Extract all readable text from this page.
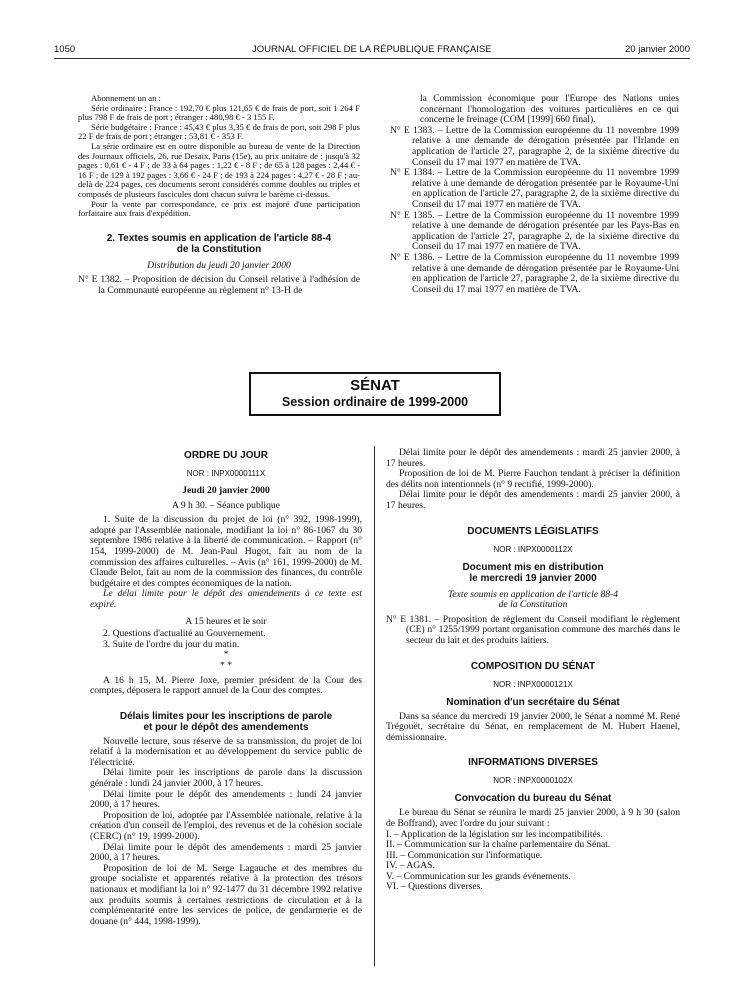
1050	JOURNAL OFFICIEL DE LA RÉPUBLIQUE FRANÇAISE	20 janvier 2000

Abonnement un an :

Série ordinaire : France : 192,70 € plus 121,65 € de frais de port, soit 1 264 F plus 798 F de frais de port ; étranger : 480,98 € - 3 155 F.

Série budgétaire : France : 45,43 € plus 3,35 € de frais de port, soit 298 F plus 22 F de frais de port ; étranger : 53,81 € - 353 F.

La série ordinaire est en outre disponible au bureau de vente de la Direction des Journaux officiels, 26, rue Desaix, Paris (15e), au prix unitaire de : jusqu'à 32 pages : 0,61 € - 4 F ; de 33 à 64 pages : 1,22 € - 8 F ; de 65 à 128 pages : 2,44 € - 16 F ; de 129 à 192 pages : 3,66 € - 24 F ; de 193 à 224 pages : 4,27 € - 28 F ; au-delà de 224 pages, ces documents seront considérés comme doubles ou triples et composés de plusieurs fascicules dont chacun suivra le barème ci-dessus.

Pour la vente par correspondance, ce prix est majoré d'une participation forfaitaire aux frais d'expédition.

2. Textes soumis en application de l'article 88-4

de la Constitution

Distribution du jeudi 20 janvier 2000

N° E 1382. – Proposition de décision du Conseil relative à l'adhésion de la Communauté européenne au règlement n° 13-H de

la Commission économique pour l'Europe des Nations unies concernant l'homologation des voitures particulières en ce qui concerne le freinage (COM [1999] 660 final).

N° E 1383. – Lettre de la Commission européenne du 11 novembre 1999 relative à une demande de dérogation présentée par l'Irlande en application de l'article 27, paragraphe 2, de la sixième directive du Conseil du 17 mai 1977 en matière de TVA.

N° E 1384. – Lettre de la Commission européenne du 11 novembre 1999 relative à une demande de dérogation présentée par le Royaume-Uni en application de l'article 27, paragraphe 2, de la sixième directive du Conseil du 17 mai 1977 en matière de TVA.

N° E 1385. – Lettre de la Commission européenne du 11 novembre 1999 relative à une demande de dérogation présentée par les Pays-Bas en application de l'article 27, paragraphe 2, de la sixième directive du Conseil du 17 mai 1977 en matière de TVA.

N° E 1386. – Lettre de la Commission européenne du 11 novembre 1999 relative à une demande de dérogation présentée par le Royaume-Uni en application de l'article 27, paragraphe 2, de la sixième directive du Conseil du 17 mai 1977 en matière de TVA.

SÉNAT
Session ordinaire de 1999-2000

ORDRE DU JOUR

NOR : INPX0000111X

Jeudi 20 janvier 2000

A 9 h 30. – Séance publique

1. Suite de la discussion du projet de loi (n° 392, 1998-1999), adopté par l'Assemblée nationale, modifiant la loi n° 86-1067 du 30 septembre 1986 relative à la liberté de communication. – Rapport (n° 154, 1999-2000) de M. Jean-Paul Hugot, fait au nom de la commission des affaires culturelles. – Avis (n° 161, 1999-2000) de M. Claude Belot, fait au nom de la commission des finances, du contrôle budgétaire et des comptes économiques de la nation.

Le délai limite pour le dépôt des amendements à ce texte est expiré.

A 15 heures et le soir

2. Questions d'actualité au Gouvernement.

3. Suite de l'ordre du jour du matin.

*

* *

A 16 h 15, M. Pierre Joxe, premier président de la Cour des comptes, déposera le rapport annuel de la Cour des comptes.

Délais limites pour les inscriptions de parole

et pour le dépôt des amendements

Nouvelle lecture, sous réserve de sa transmission, du projet de loi relatif à la modernisation et au développement du service public de l'électricité.

Délai limite pour les inscriptions de parole dans la discussion générale : lundi 24 janvier 2000, à 17 heures.

Délai limite pour le dépôt des amendements : lundi 24 janvier 2000, à 17 heures.

Proposition de loi, adoptée par l'Assemblée nationale, relative à la création d'un conseil de l'emploi, des revenus et de la cohésion sociale (CERC) (n° 19, 1999-2000).

Délai limite pour le dépôt des amendements : mardi 25 janvier 2000, à 17 heures.

Proposition de loi de M. Serge Lagauche et des membres du groupe socialiste et apparentés relative à la protection des trésors nationaux et modifiant la loi n° 92-1477 du 31 décembre 1992 relative aux produits soumis à certaines restrictions de circulation et à la complémentarité entre les services de police, de gendarmerie et de douane (n° 444, 1998-1999).

Délai limite pour le dépôt des amendements : mardi 25 janvier 2000, à 17 heures.

Proposition de loi de M. Pierre Fauchon tendant à préciser la définition des délits non intentionnels (n° 9 rectifié, 1999-2000).

Délai limite pour le dépôt des amendements : mardi 25 janvier 2000, à 17 heures.

DOCUMENTS LÉGISLATIFS

NOR : INPX0000112X

Document mis en distribution

le mercredi 19 janvier 2000

Texte soumis en application de l'article 88-4

de la Constitution

N° E 1381. – Proposition de règlement du Conseil modifiant le règlement (CE) n° 1255/1999 portant organisation commune des marchés dans le secteur du lait et des produits laitiers.

COMPOSITION DU SÉNAT

NOR : INPX0000121X

Nomination d'un secrétaire du Sénat

Dans sa séance du mercredi 19 janvier 2000, le Sénat a nommé M. René Trégouët, secrétaire du Sénat, en remplacement de M. Hubert Haenel, démissionnaire.

INFORMATIONS DIVERSES

NOR : INPX0000102X

Convocation du bureau du Sénat

Le bureau du Sénat se réunira le mardi 25 janvier 2000, à 9 h 30 (salon de Boffrand), avec l'ordre du jour suivant :

I. – Application de la législation sur les incompatibilités.

II. – Communication sur la chaîne parlementaire du Sénat.

III. – Communication sur l'informatique.

IV. – AGAS.

V. – Communication sur les grands événements.

VI. – Questions diverses.
